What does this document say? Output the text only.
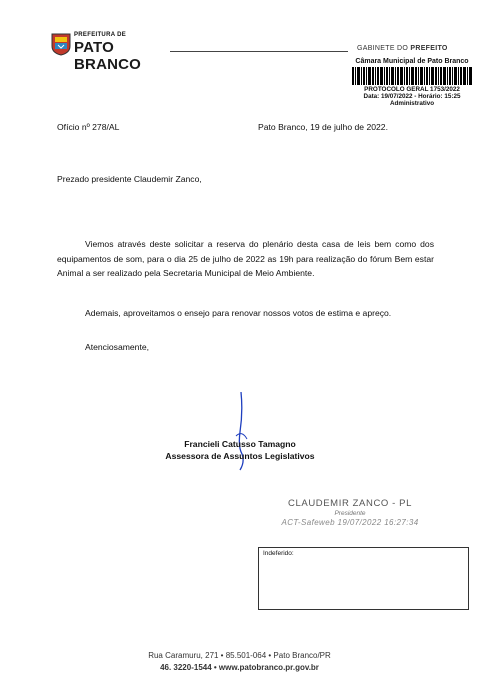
PREFEITURA DE
PATO BRANCO
GABINETE DO PREFEITO
Câmara Municipal de Pato Branco
PROTOCOLO GERAL 1753/2022
Data: 19/07/2022 - Horário: 15:25
Administrativo
Ofício nº 278/AL	Pato Branco, 19 de julho de 2022.
Prezado presidente Claudemir Zanco,
Viemos através deste solicitar a reserva do plenário desta casa de leis bem como dos equipamentos de som, para o dia 25 de julho de 2022 as 19h para realização do fórum Bem estar Animal a ser realizado pela Secretaria Municipal de Meio Ambiente.
Ademais, aproveitamos o ensejo para renovar nossos votos de estima e apreço.
Atenciosamente,
Francieli Catusso Tamagno
Assessora de Assuntos Legislativos
CLAUDEMIR ZANCO - PL
Presidente
ACT-Safeweb 19/07/2022 16:27:34
Indeferido:
Rua Caramuru, 271 • 85.501-064 • Pato Branco/PR
46. 3220-1544 • www.patobranco.pr.gov.br
